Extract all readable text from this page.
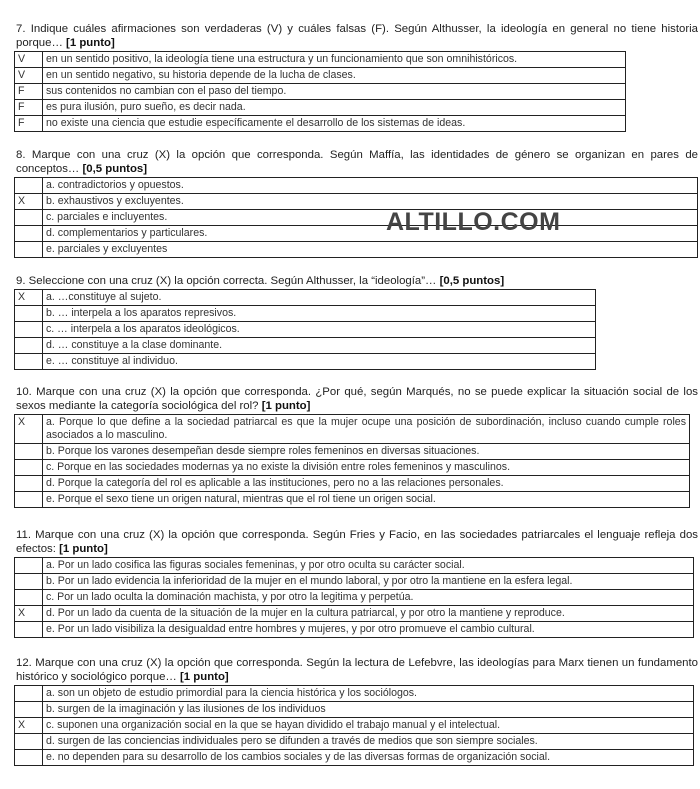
7. Indique cuáles afirmaciones son verdaderas (V) y cuáles falsas (F). Según Althusser, la ideología en general no tiene historia porque… [1 punto]

V	en un sentido positivo, la ideología tiene una estructura y un funcionamiento que son omnihistóricos.
V	en un sentido negativo, su historia depende de la lucha de clases.
F	sus contenidos no cambian con el paso del tiempo.
F	es pura ilusión, puro sueño, es decir nada.
F	no existe una ciencia que estudie específicamente el desarrollo de los sistemas de ideas.

8. Marque con una cruz (X) la opción que corresponda. Según Maffía, las identidades de género se organizan en pares de conceptos… [0,5 puntos]

	a. contradictorios y opuestos.
X	b. exhaustivos y excluyentes.
	c. parciales e incluyentes.
	d. complementarios y particulares.
	e. parciales y excluyentes
ALTILLO.COM

9. Seleccione con una cruz (X) la opción correcta. Según Althusser, la “ideología”… [0,5 puntos]

X	a. …constituye al sujeto.
	b. … interpela a los aparatos represivos.
	c. … interpela a los aparatos ideológicos.
	d. … constituye a la clase dominante.
	e. … constituye al individuo.

10. Marque con una cruz (X) la opción que corresponda. ¿Por qué, según Marqués, no se puede explicar la situación social de los sexos mediante la categoría sociológica del rol? [1 punto]

X	a. Porque lo que define a la sociedad patriarcal es que la mujer ocupe una posición de subordinación, incluso cuando cumple roles asociados a lo masculino.
	b. Porque los varones desempeñan desde siempre roles femeninos en diversas situaciones.
	c. Porque en las sociedades modernas ya no existe la división entre roles femeninos y masculinos.
	d. Porque la categoría del rol es aplicable a las instituciones, pero no a las relaciones personales.
	e. Porque el sexo tiene un origen natural, mientras que el rol tiene un origen social.

11. Marque con una cruz (X) la opción que corresponda. Según Fries y Facio, en las sociedades patriarcales el lenguaje refleja dos efectos: [1 punto]

	a. Por un lado cosifica las figuras sociales femeninas, y por otro oculta su carácter social.
	b. Por un lado evidencia la inferioridad de la mujer en el mundo laboral, y por otro la mantiene en la esfera legal.
	c. Por un lado oculta la dominación machista, y por otro la legitima y perpetúa.
X	d. Por un lado da cuenta de la situación de la mujer en la cultura patriarcal, y por otro la mantiene y reproduce.
	e. Por un lado visibiliza la desigualdad entre hombres y mujeres, y por otro promueve el cambio cultural.

12. Marque con una cruz (X) la opción que corresponda. Según la lectura de Lefebvre, las ideologías para Marx tienen un fundamento histórico y sociológico porque… [1 punto]

	a. son un objeto de estudio primordial para la ciencia histórica y los sociólogos.
	b. surgen de la imaginación y las ilusiones de los individuos
X	c. suponen una organización social en la que se hayan dividido el trabajo manual y el intelectual.
	d. surgen de las conciencias individuales pero se difunden a través de medios que son siempre sociales.
	e. no dependen para su desarrollo de los cambios sociales y de las diversas formas de organización social.
